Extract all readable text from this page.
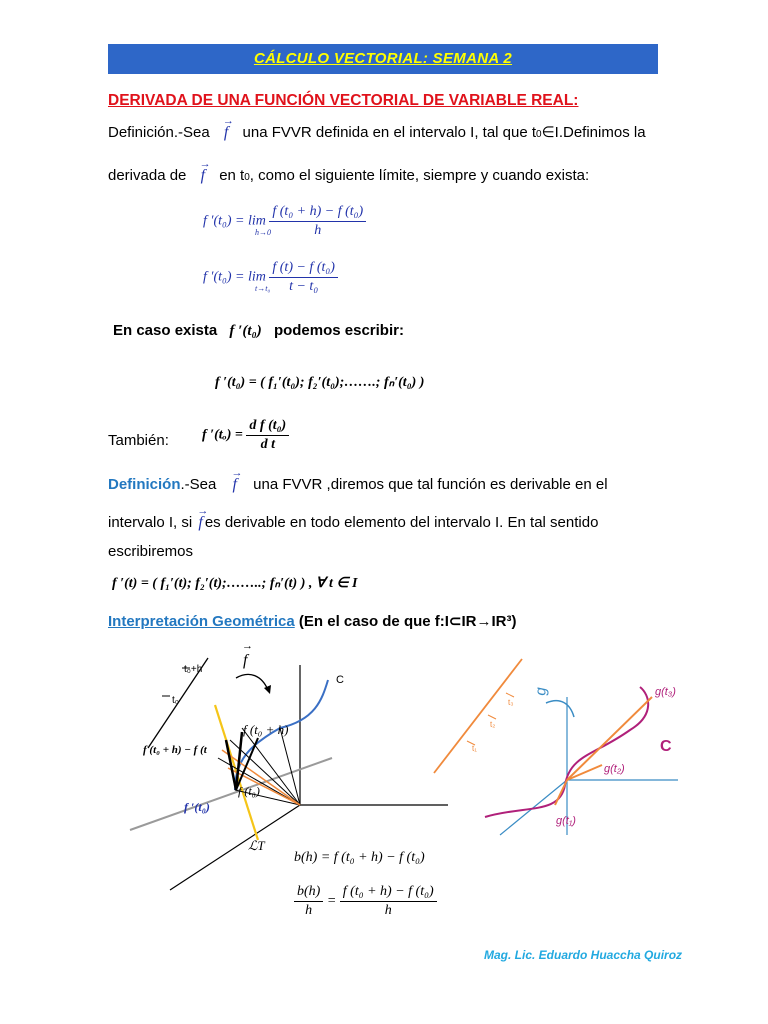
CÁLCULO VECTORIAL: SEMANA 2
DERIVADA DE UNA FUNCIÓN VECTORIAL DE VARIABLE REAL:
Definición.-Sea → f una FVVR definida en el intervalo I, tal que t0∈I.Definimos la
derivada de → f en t0, como el siguiente límite, siempre y cuando exista:
f $'(t_0) = \lim \frac{\text{f (t₀ + h) − f (t₀)}}{h}$
h→0
f $'(t_0) = \lim \frac{\text{f (t) − f (t₀)}}{\text{t − t₀}}$
t→t₀
En caso exista f ′(t₀) podemos escribir:
f ′(t₀) = ( f₁′(t₀); f₂′(t₀);…….; fₙ′(t₀) )
También: f $'(t_o) = \frac{\text{d f (t₀)}}{\text{d t}}$
Definición.-Sea → f una FVVR ,diremos que tal función es derivable en el
intervalo I, si → f es derivable en todo elemento del intervalo I. En tal sentido
escribiremos
f ′(t) = ( f₁′(t); f₂′(t);……..; fₙ′(t) ) , ∀ t ∈ I
Interpretación Geométrica (En el caso de que f:I⊂IR→IR³)
→ f
t₀+h
t₀
C
f (t₀ + h)
f (t₀ + h) − f (t
f (t₀)
f ′(t₀)
ℒT
b(h) = f (t₀ + h) − f (t₀)
$\frac{b(h)}{h} = \frac{\text{f (t₀ + h) − f (t₀)}}{h}$
g	g(t₃)
g(t₂)
g(t₁)
C
t₃
t₂
t₁
Mag. Lic. Eduardo Huaccha Quiroz
